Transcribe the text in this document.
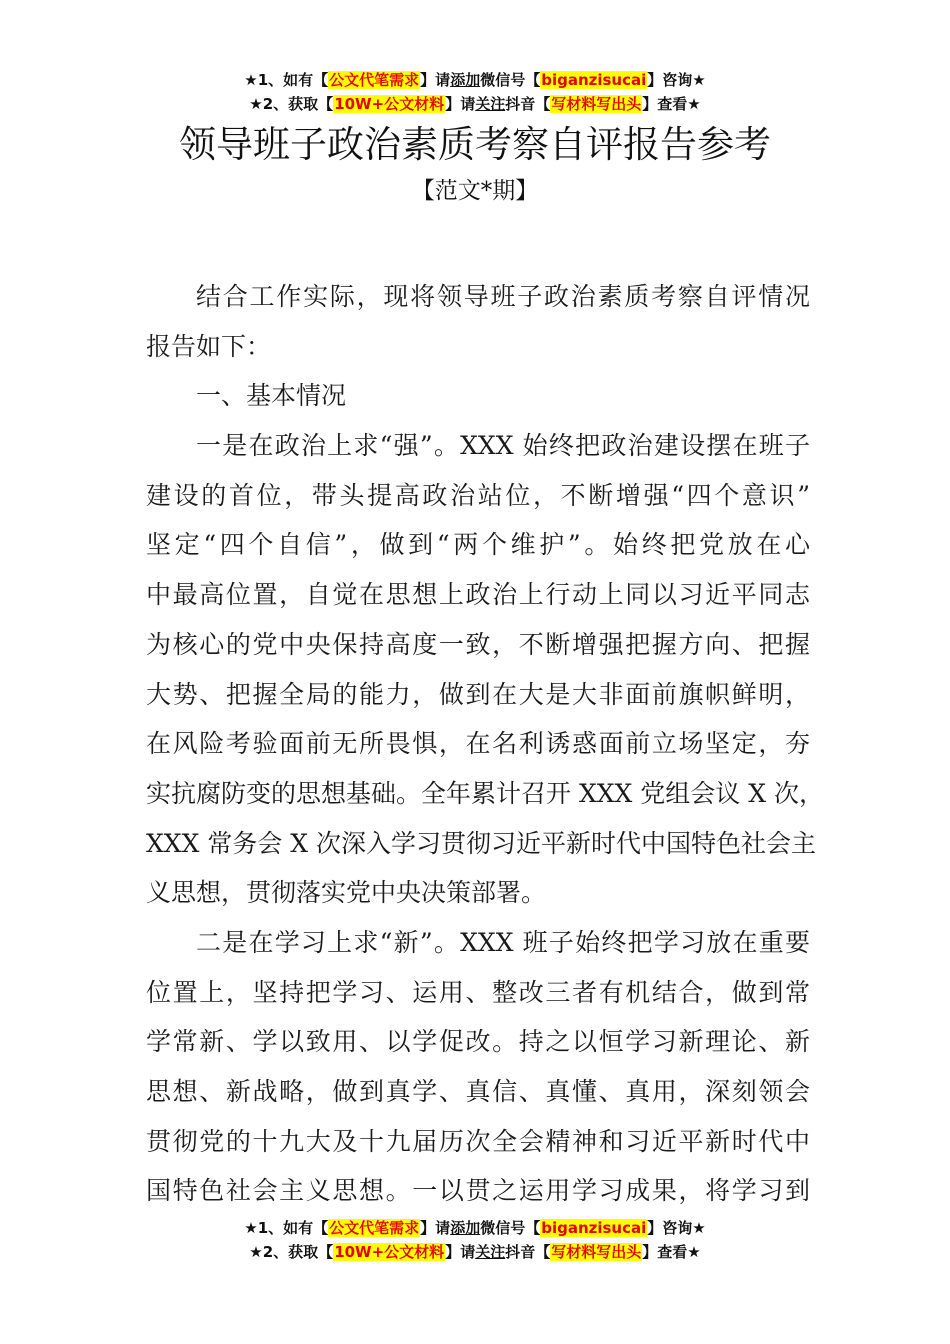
★1、如有【公文代笔需求】请添加微信号【biganzisucai】咨询★
★2、获取【10W+公文材料】请关注抖音【写材料写出头】查看★
领导班子政治素质考察自评报告参考
【范文*期】
结合工作实际，现将领导班子政治素质考察自评情况
报告如下：
一、基本情况
一是在政治上求“强”。XXX 始终把政治建设摆在班子
建设的首位，带头提高政治站位，不断增强“四个意识”
坚定“四个自信”，做到“两个维护”。始终把党放在心
中最高位置，自觉在思想上政治上行动上同以习近平同志
为核心的党中央保持高度一致，不断增强把握方向、把握
大势、把握全局的能力，做到在大是大非面前旗帜鲜明，
在风险考验面前无所畏惧，在名利诱惑面前立场坚定，夯
实抗腐防变的思想基础。全年累计召开 XXX 党组会议 X 次，
XXX 常务会 X 次深入学习贯彻习近平新时代中国特色社会主
义思想，贯彻落实党中央决策部署。
二是在学习上求“新”。XXX 班子始终把学习放在重要
位置上，坚持把学习、运用、整改三者有机结合，做到常
学常新、学以致用、以学促改。持之以恒学习新理论、新
思想、新战略，做到真学、真信、真懂、真用，深刻领会
贯彻党的十九大及十九届历次全会精神和习近平新时代中
国特色社会主义思想。一以贯之运用学习成果，将学习到
★1、如有【公文代笔需求】请添加微信号【biganzisucai】咨询★
★2、获取【10W+公文材料】请关注抖音【写材料写出头】查看★
